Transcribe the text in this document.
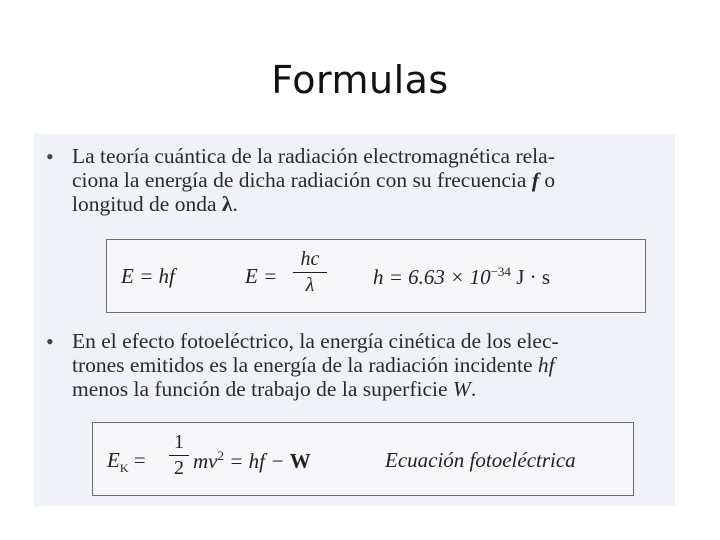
Formulas
• La teoría cuántica de la radiación electromagnética rela-
ciona la energía de dicha radiación con su frecuencia f o
longitud de onda λ.
E = hf	$E = \frac{hc}{\lambda}$ $h = 6.63 \times 10^{-34}$ J · s
• En el efecto fotoeléctrico, la energía cinética de los elec-
trones emitidos es la energía de la radiación incidente hf
menos la función de trabajo de la superficie W.
$E_K = \frac{1}{2} mv^2$ = hf − W	Ecuación fotoeléctrica
